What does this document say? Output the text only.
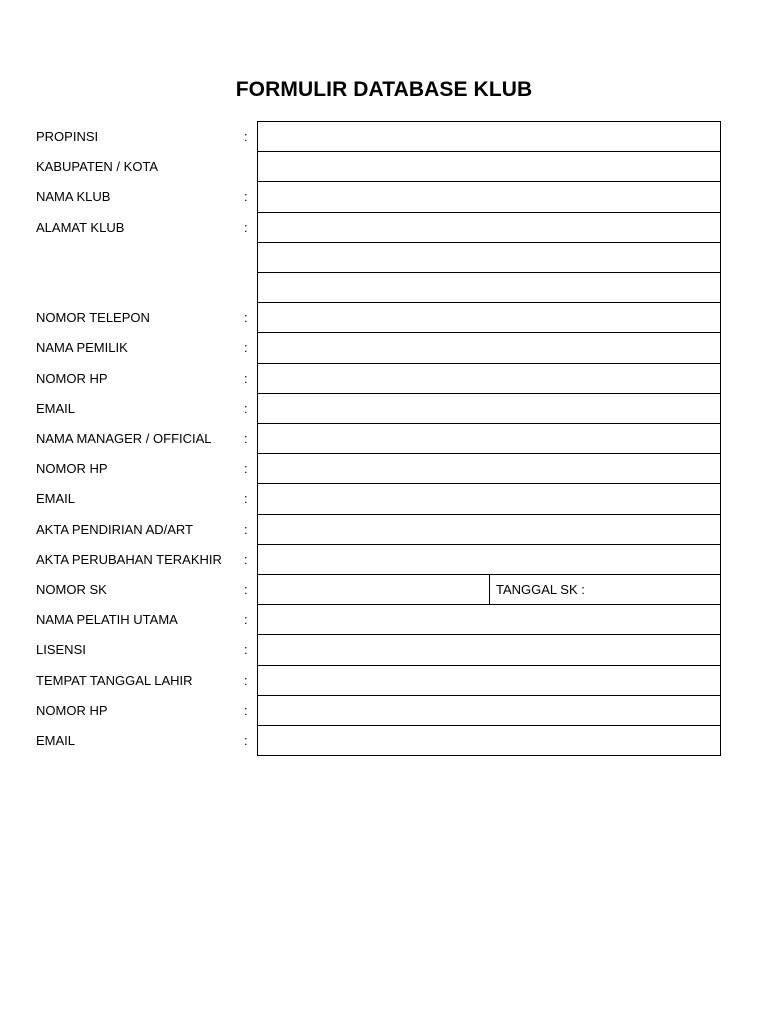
FORMULIR DATABASE KLUB
PROPINSI	:
KABUPATEN / KOTA
NAMA KLUB	:
ALAMAT KLUB	:
NOMOR TELEPON	:
NAMA PEMILIK	:
NOMOR HP	:
EMAIL	:
NAMA MANAGER / OFFICIAL :
NOMOR HP	:
EMAIL	:
AKTA PENDIRIAN AD/ART	:
AKTA PERUBAHAN TERAKHIR :
NOMOR SK	:	TANGGAL SK :
NAMA PELATIH UTAMA	:
LISENSI	:
TEMPAT TANGGAL LAHIR	:
NOMOR HP	:
EMAIL	:
